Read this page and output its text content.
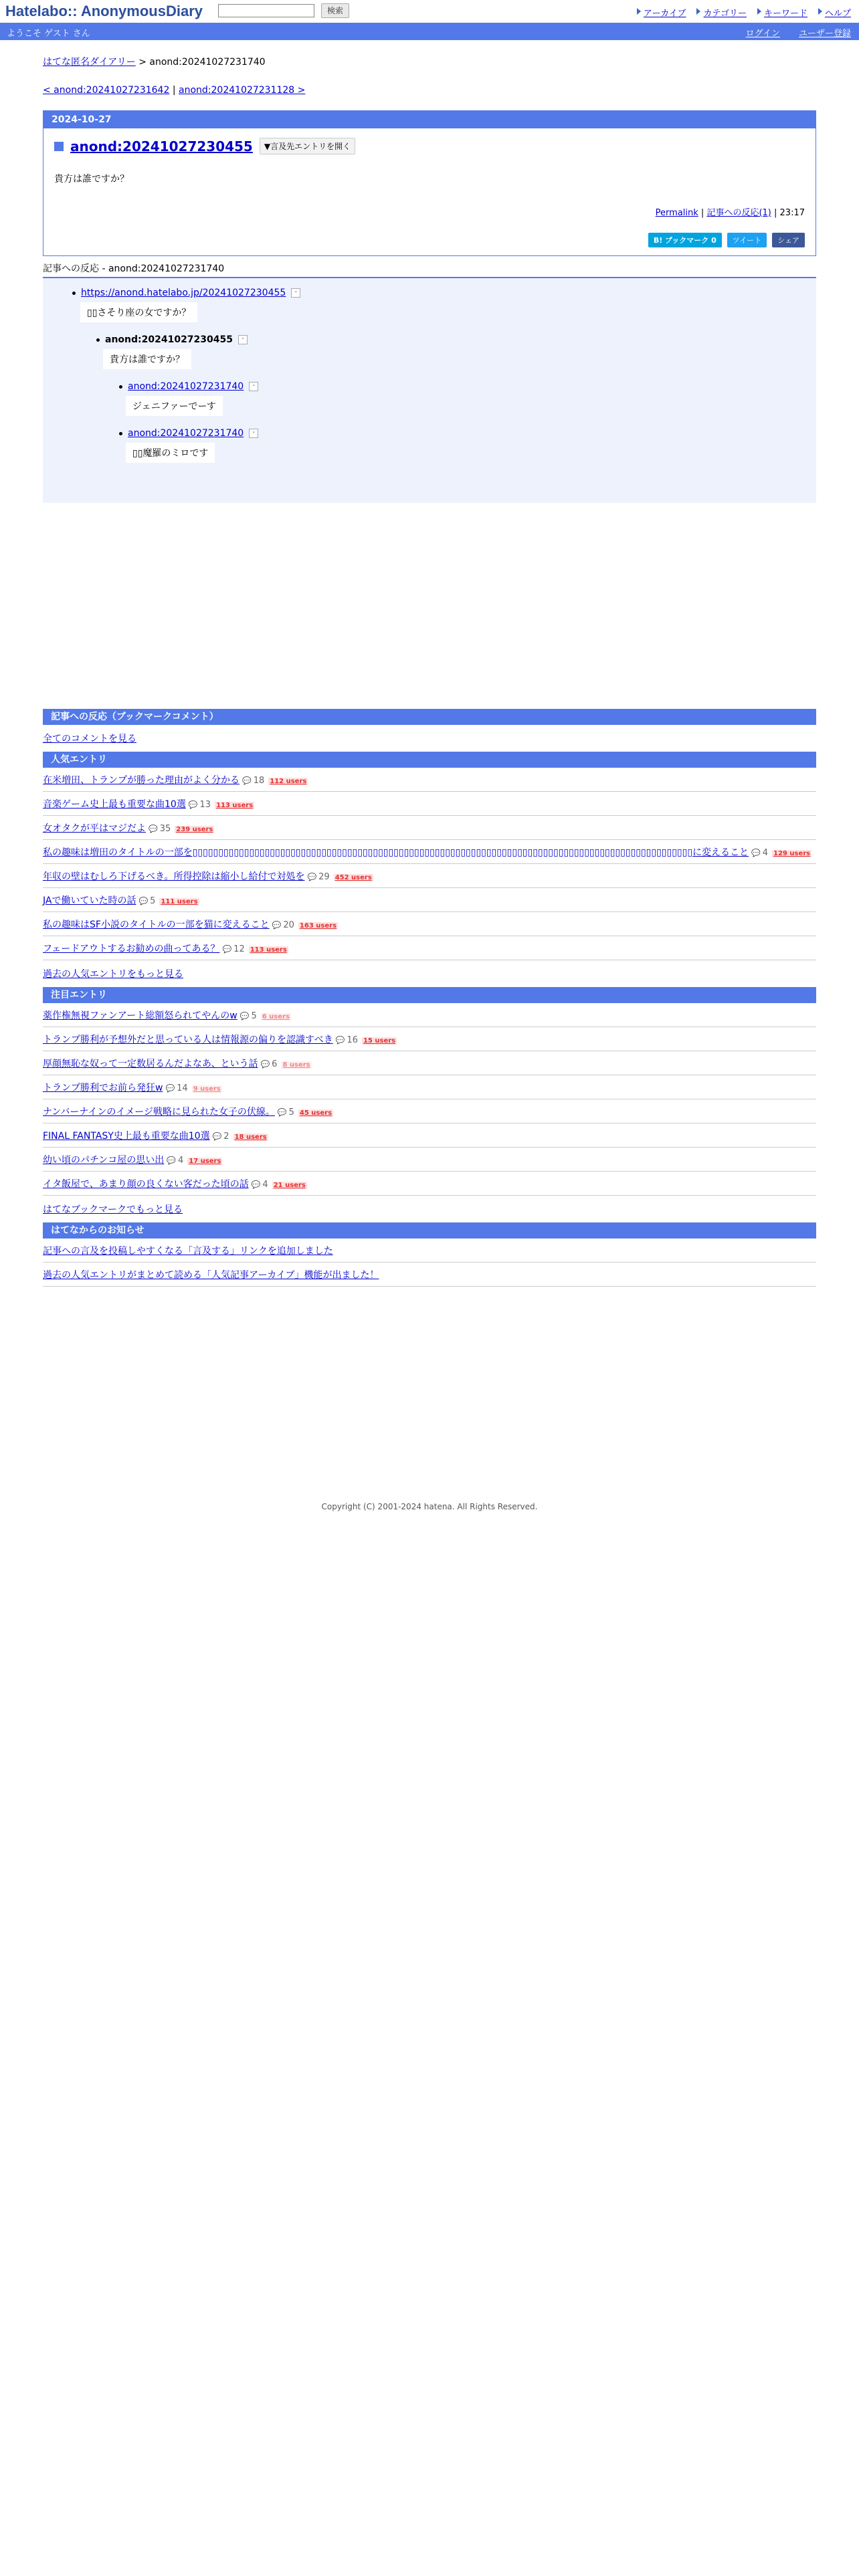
Hatelabo:: AnonymousDiary	検索	アーカイブ	カテゴリー	キーワード	ヘルプ
ようこそ ゲスト さん	ログイン ユーザー登録
はてな匿名ダイアリー > anond:20241027231740
< anond:20241027231642 | anond:20241027231128 >
2024-10-27
anond:20241027230455	▼言及先エントリを開く
貴方は誰ですか？
Permalink | 記事への反応(1) | 23:17
B! ブックマーク 0	ツイート	シェア
記事への反応 - anond:20241027231740
https://anond.hatelabo.jp/20241027230455	-
▯▯さそり座の女ですか？
anond:20241027230455	-
貴方は誰ですか？
anond:20241027231740	-
ジェニファーでーす
anond:20241027231740	-
▯▯魔羅のミロです
記事への反応（ブックマークコメント）
全てのコメントを見る
人気エントリ
在米増田、トランプが勝った理由がよく分かる 💬 18 112 users
音楽ゲーム史上最も重要な曲10選 💬 13 113 users
女オタクが平はマジだよ 💬 35 239 users
私の趣味は増田のタイトルの一部を▯▯▯▯▯▯▯▯▯▯▯▯▯▯▯▯▯▯▯▯▯▯▯▯▯▯▯▯▯▯▯▯▯▯▯▯▯▯▯▯▯▯▯▯▯▯▯▯▯▯▯▯▯▯▯▯▯▯▯▯▯▯▯▯▯▯▯▯▯▯▯▯▯▯▯▯▯▯▯▯▯▯▯▯▯▯▯▯▯▯▯▯▯▯▯▯▯に変えること 💬 4 129 users
年収の壁はむしろ下げるべき。所得控除は縮小し給付で対処を 💬 29 452 users
JAで働いていた時の話 💬 5 111 users
私の趣味はSF小説のタイトルの一部を猫に変えること 💬 20 163 users
フェードアウトするお勧めの曲ってある？ 💬 12 113 users
過去の人気エントリをもっと見る
注目エントリ
薬作権無視ファンアート総額怒られてやんのw 💬 5 6 users
トランプ勝利が予想外だと思っている人は情報源の偏りを認識すべき 💬 16 15 users
厚顔無恥な奴って一定数居るんだよなあ、という話 💬 6 8 users
トランプ勝利でお前ら発狂w 💬 14 9 users
ナンバーナインのイメージ戦略に見られた女子の伏線。 💬 5 45 users
FINAL FANTASY史上最も重要な曲10選 💬 2 18 users
幼い頃のパチンコ屋の思い出 💬 4 17 users
イタ飯屋で、あまり顔の良くない客だった頃の話 💬 4 21 users
はてなブックマークでもっと見る
はてなからのお知らせ
記事への言及を投稿しやすくなる「言及する」リンクを追加しました
過去の人気エントリがまとめて読める「人気記事アーカイブ」機能が出ました！
Copyright (C) 2001-2024 hatena. All Rights Reserved.
